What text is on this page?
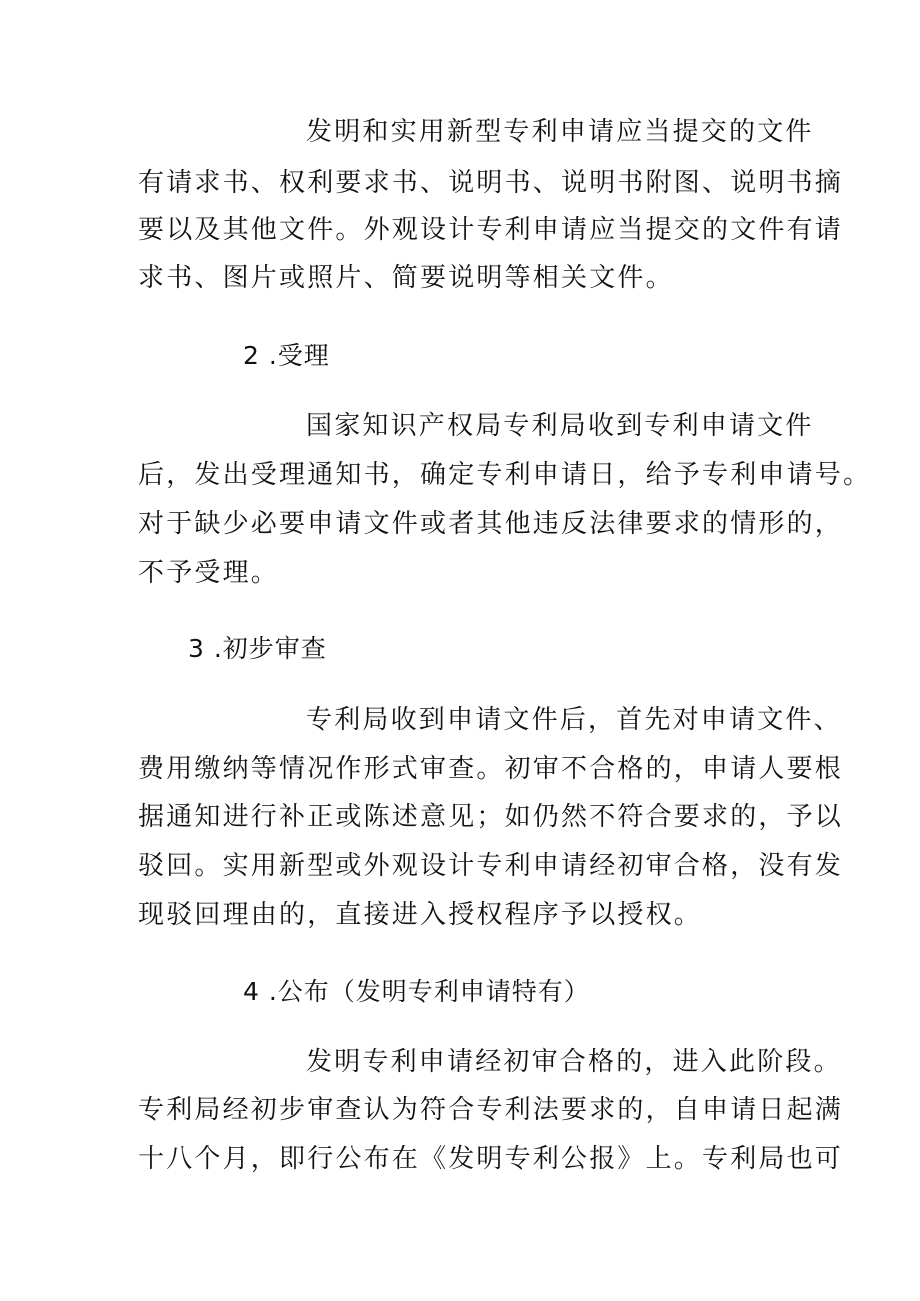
发明和实用新型专利申请应当提交的文件
有请求书、权利要求书、说明书、说明书附图、说明书摘
要以及其他文件。外观设计专利申请应当提交的文件有请
求书、图片或照片、简要说明等相关文件。
2 .受理
国家知识产权局专利局收到专利申请文件
后，发出受理通知书，确定专利申请日，给予专利申请号。
对于缺少必要申请文件或者其他违反法律要求的情形的，
不予受理。
3 .初步审查
专利局收到申请文件后，首先对申请文件、
费用缴纳等情况作形式审查。初审不合格的，申请人要根
据通知进行补正或陈述意见；如仍然不符合要求的，予以
驳回。实用新型或外观设计专利申请经初审合格，没有发
现驳回理由的，直接进入授权程序予以授权。
4 .公布（发明专利申请特有）
发明专利申请经初审合格的，进入此阶段。
专利局经初步审查认为符合专利法要求的，自申请日起满
十八个月，即行公布在《发明专利公报》上。专利局也可
